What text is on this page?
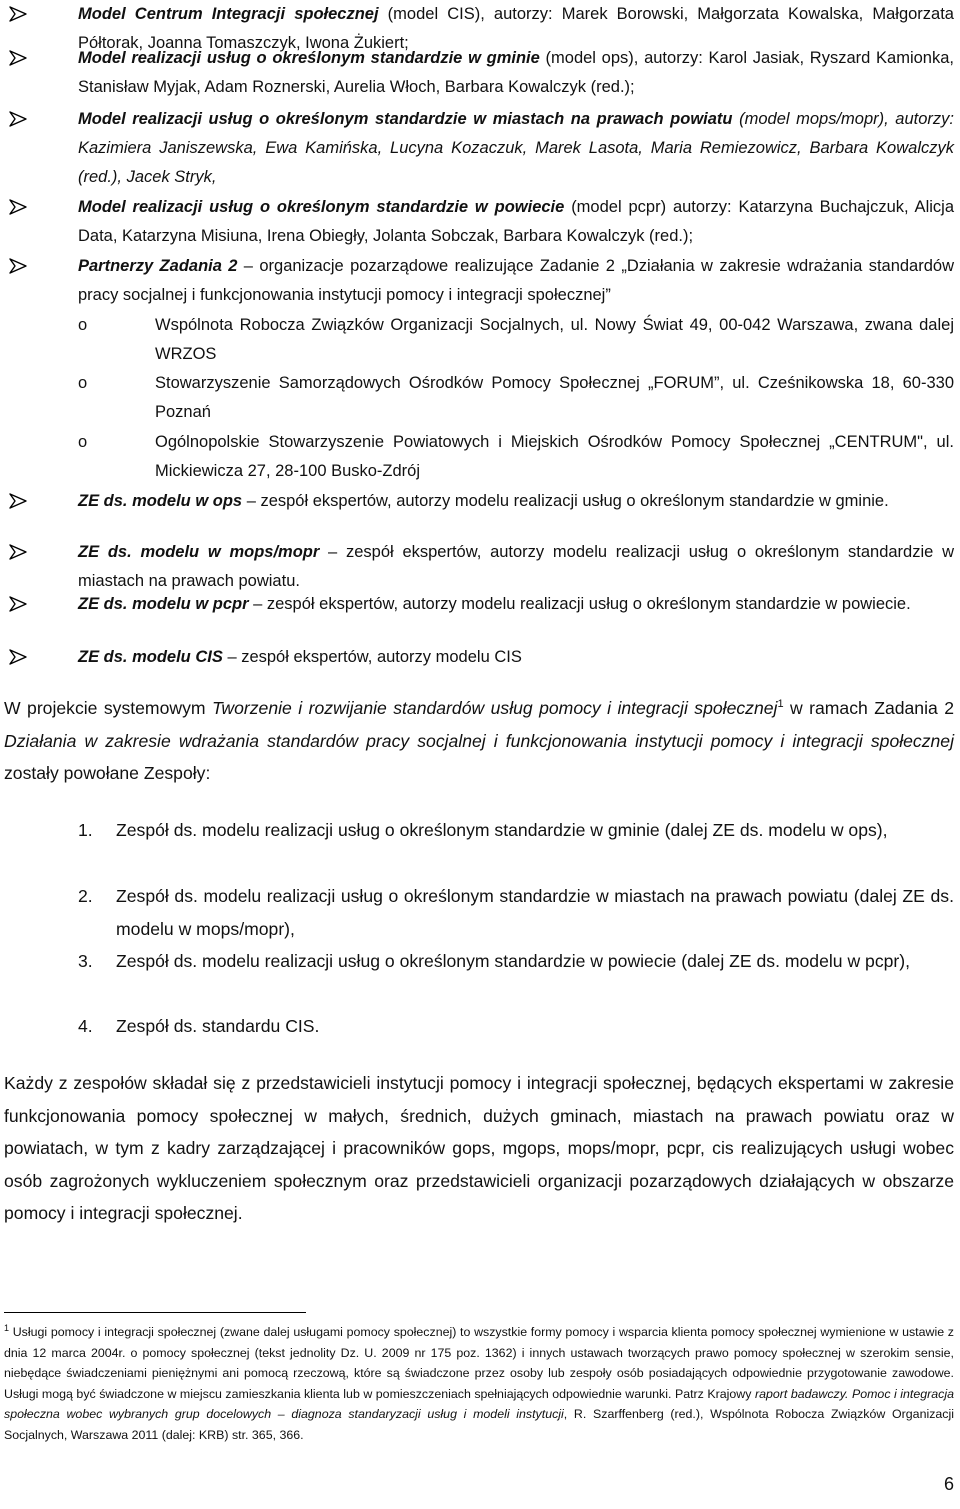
Model Centrum Integracji społecznej (model CIS), autorzy: Marek Borowski, Małgorzata Kowalska, Małgorzata Półtorak, Joanna Tomaszczyk, Iwona Żukiert;
Model realizacji usług o określonym standardzie w gminie (model ops), autorzy: Karol Jasiak, Ryszard Kamionka, Stanisław Myjak, Adam Roznerski, Aurelia Włoch, Barbara Kowalczyk (red.);
Model realizacji usług o określonym standardzie w miastach na prawach powiatu (model mops/mopr), autorzy: Kazimiera Janiszewska, Ewa Kamińska, Lucyna Kozaczuk, Marek Lasota, Maria Remiezowicz, Barbara Kowalczyk (red.), Jacek Stryk,
Model realizacji usług o określonym standardzie w powiecie (model pcpr) autorzy: Katarzyna Buchajczuk, Alicja Data, Katarzyna Misiuna, Irena Obiegły, Jolanta Sobczak, Barbara Kowalczyk (red.);
Partnerzy Zadania 2 – organizacje pozarządowe realizujące Zadanie 2 „Działania w zakresie wdrażania standardów pracy socjalnej i funkcjonowania instytucji pomocy i integracji społecznej”
o	Wspólnota Robocza Związków Organizacji Socjalnych, ul. Nowy Świat 49, 00-042 Warszawa, zwana dalej WRZOS
o	Stowarzyszenie Samorządowych Ośrodków Pomocy Społecznej „FORUM”, ul. Cześnikowska 18, 60-330 Poznań
o	Ogólnopolskie Stowarzyszenie Powiatowych i Miejskich Ośrodków Pomocy Społecznej „CENTRUM", ul. Mickiewicza 27, 28-100 Busko-Zdrój
ZE ds. modelu w ops – zespół ekspertów, autorzy modelu realizacji usług o określonym standardzie w gminie.
ZE ds. modelu w mops/mopr – zespół ekspertów, autorzy modelu realizacji usług o określonym standardzie w miastach na prawach powiatu.
ZE ds. modelu w pcpr – zespół ekspertów, autorzy modelu realizacji usług o określonym standardzie w powiecie.
ZE ds. modelu CIS – zespół ekspertów, autorzy modelu CIS
W projekcie systemowym Tworzenie i rozwijanie standardów usług pomocy i integracji społecznej$^1$ w ramach Zadania 2 Działania w zakresie wdrażania standardów pracy socjalnej i funkcjonowania instytucji pomocy i integracji społecznej zostały powołane Zespoły:
1. Zespół ds. modelu realizacji usług o określonym standardzie w gminie (dalej ZE ds. modelu w ops),
2. Zespół ds. modelu realizacji usług o określonym standardzie w miastach na prawach powiatu (dalej ZE ds. modelu w mops/mopr),
3. Zespół ds. modelu realizacji usług o określonym standardzie w powiecie (dalej ZE ds. modelu w pcpr),
4. Zespół ds. standardu CIS.
Każdy z zespołów składał się z przedstawicieli instytucji pomocy i integracji społecznej, będących ekspertami w zakresie funkcjonowania pomocy społecznej w małych, średnich, dużych gminach, miastach na prawach powiatu oraz w powiatach, w tym z kadry zarządzającej i pracowników gops, mgops, mops/mopr, pcpr, cis realizujących usługi wobec osób zagrożonych wykluczeniem społecznym oraz przedstawicieli organizacji pozarządowych działających w obszarze pomocy i integracji społecznej.
$^1$ Usługi pomocy i integracji społecznej (zwane dalej usługami pomocy społecznej) to wszystkie formy pomocy i wsparcia klienta pomocy społecznej wymienione w ustawie z dnia 12 marca 2004r. o pomocy społecznej (tekst jednolity Dz. U. 2009 nr 175 poz. 1362) i innych ustawach tworzących prawo pomocy społecznej w szerokim sensie, niebędące świadczeniami pieniężnymi ani pomocą rzeczową, które są świadczone przez osoby lub zespoły osób posiadających odpowiednie przygotowanie zawodowe. Usługi mogą być świadczone w miejscu zamieszkania klienta lub w pomieszczeniach spełniających odpowiednie warunki. Patrz Krajowy raport badawczy. Pomoc i integracja społeczna wobec wybranych grup docelowych – diagnoza standaryzacji usług i modeli instytucji, R. Szarffenberg (red.), Wspólnota Robocza Związków Organizacji Socjalnych, Warszawa 2011 (dalej: KRB) str. 365, 366.
6
